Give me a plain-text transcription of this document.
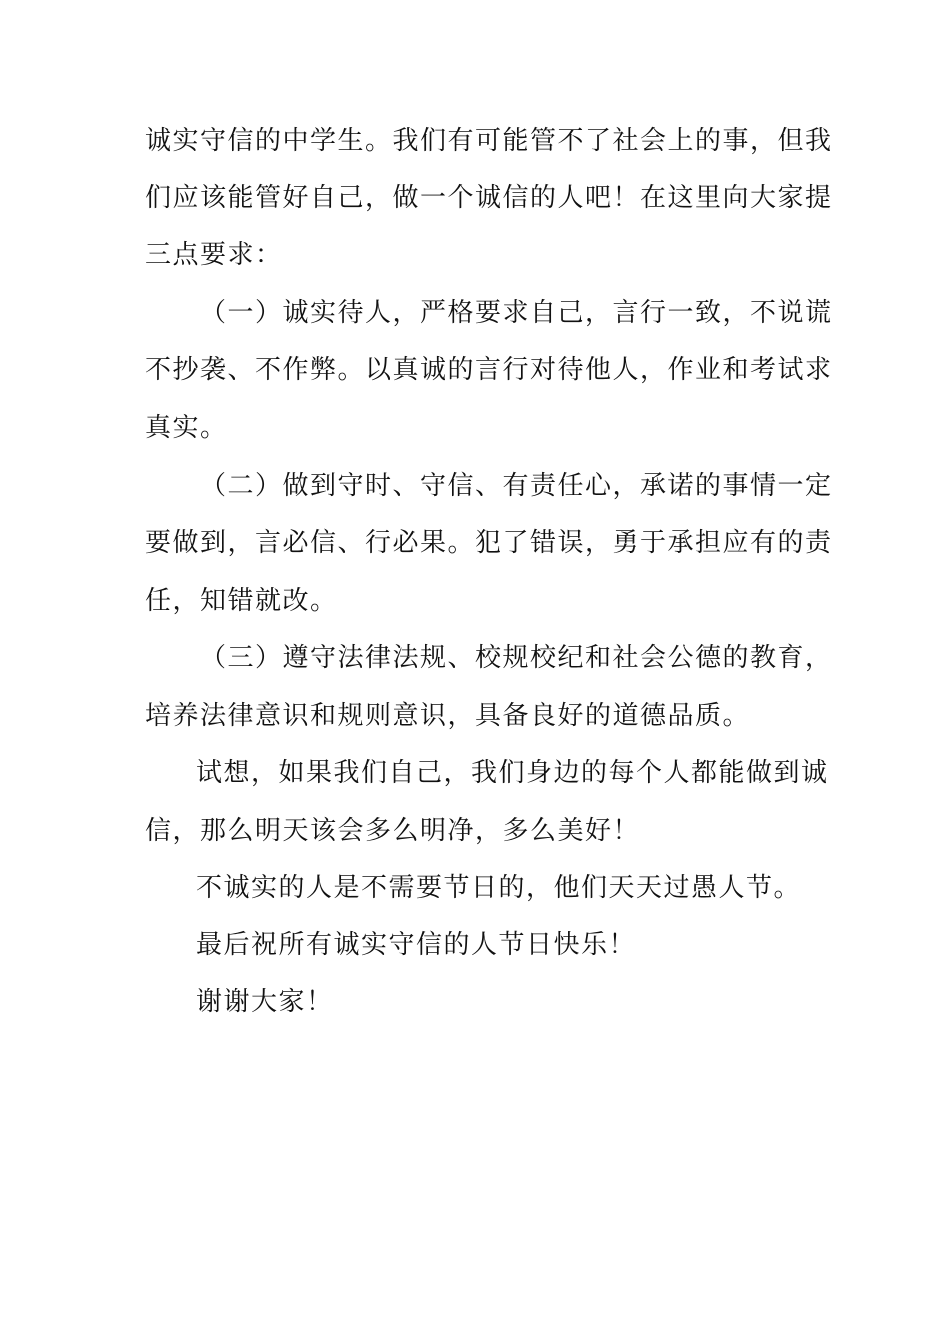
诚实守信的中学生。我们有可能管不了社会上的事，但我

们应该能管好自己，做一个诚信的人吧！在这里向大家提

三点要求：

（一）诚实待人，严格要求自己，言行一致，不说谎

不抄袭、不作弊。以真诚的言行对待他人，作业和考试求

真实。

（二）做到守时、守信、有责任心，承诺的事情一定

要做到，言必信、行必果。犯了错误，勇于承担应有的责

任，知错就改。

（三）遵守法律法规、校规校纪和社会公德的教育，

培养法律意识和规则意识，具备良好的道德品质。

试想，如果我们自己，我们身边的每个人都能做到诚

信，那么明天该会多么明净，多么美好！

不诚实的人是不需要节日的，他们天天过愚人节。

最后祝所有诚实守信的人节日快乐！

谢谢大家！
